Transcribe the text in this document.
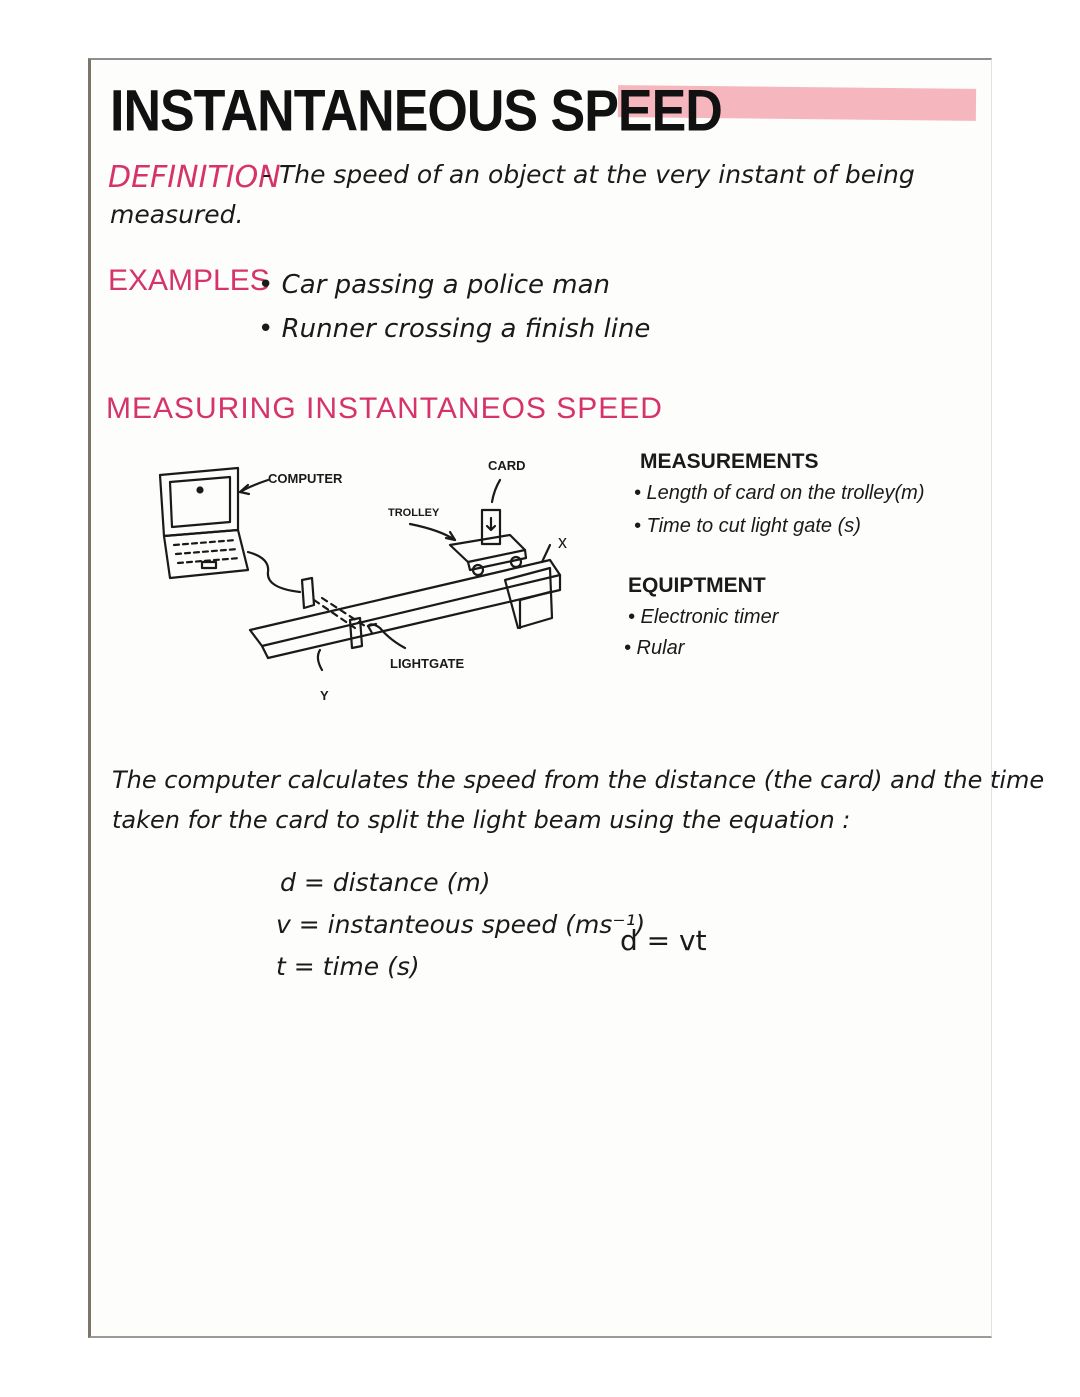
INSTANTANEOUS SPEED
DEFINITION
- The speed of an object at the very instant of being
measured.
EXAMPLES
• Car passing a police man
• Runner crossing a finish line
MEASURING INSTANTANEOS SPEED
COMPUTER
TROLLEY
CARD
LIGHTGATE
x
Y
MEASUREMENTS
• Length of card on the trolley(m)
• Time to cut light gate (s)
EQUIPTMENT
• Electronic timer
• Rular
The computer calculates the speed from the distance (the card) and the time
taken for the card to split the light beam using the equation :
d = distance (m)
v = instanteous speed (ms⁻¹)
t = time (s)
d = vt
